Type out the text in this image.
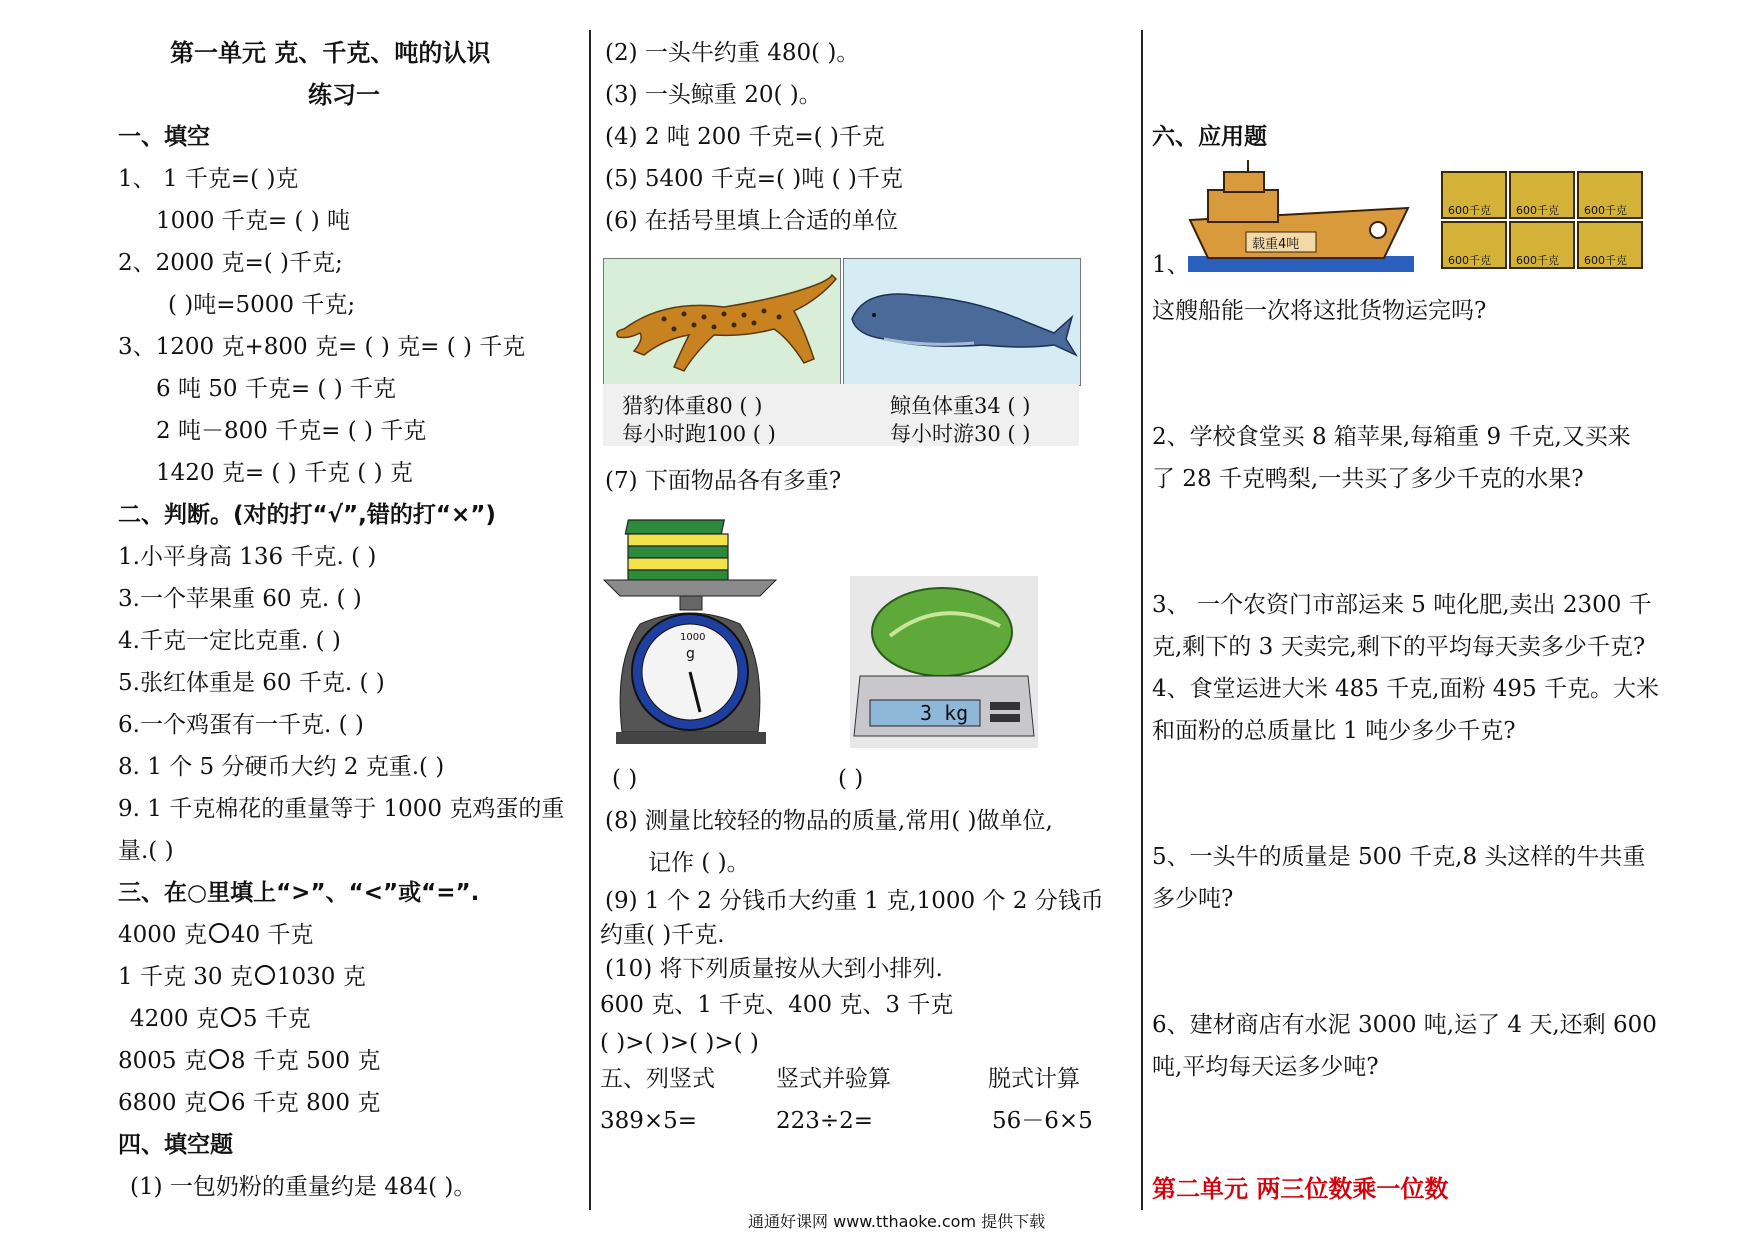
第一单元 克、千克、吨的认识
练习一
一、填空
1、 1 千克=( )克
1000 千克= ( ) 吨
2、2000 克=( )千克;
( )吨=5000 千克;
3、1200 克+800 克= ( ) 克= ( ) 千克
6 吨 50 千克= ( ) 千克
2 吨－800 千克= ( ) 千克
1420 克= ( ) 千克 ( ) 克
二、判断。(对的打“√”,错的打“×”)
1.小平身高 136 千克. ( )
3.一个苹果重 60 克. ( )
4.千克一定比克重. ( )
5.张红体重是 60 千克. ( )
6.一个鸡蛋有一千克. ( )
8. 1 个 5 分硬币大约 2 克重.( )
9. 1 千克棉花的重量等于 1000 克鸡蛋的重
量.( )
三、在○里填上“>”、“<”或“=”.
4000 克 40 千克
1 千克 30 克 1030 克
4200 克 5 千克
8005 克 8 千克 500 克
6800 克 6 千克 800 克
四、填空题
(1) 一包奶粉的重量约是 484( )。
(2) 一头牛约重 480( )。
(3) 一头鲸重 20( )。
(4) 2 吨 200 千克=( )千克
(5) 5400 千克=( )吨 ( )千克
(6) 在括号里填上合适的单位
猎豹体重80 ( )
每小时跑100 ( )
鲸鱼体重34 ( )
每小时游30 ( )
(7) 下面物品各有多重?
1000
g
3 kg
( )	( )
(8) 测量比较轻的物品的质量,常用( )做单位,
记作 ( )。
(9) 1 个 2 分钱币大约重 1 克,1000 个 2 分钱币
约重( )千克.
(10) 将下列质量按从大到小排列.
600 克、1 千克、400 克、3 千克
( )>( )>( )>( )
五、列竖式	竖式并验算	脱式计算
389×5=	223÷2=	56－6×5
六、应用题
载重4吨
600千克 600千克 600千克
600千克 600千克 600千克
1、
这艘船能一次将这批货物运完吗?
2、学校食堂买 8 箱苹果,每箱重 9 千克,又买来
了 28 千克鸭梨,一共买了多少千克的水果?
3、 一个农资门市部运来 5 吨化肥,卖出 2300 千
克,剩下的 3 天卖完,剩下的平均每天卖多少千克?
4、食堂运进大米 485 千克,面粉 495 千克。大米
和面粉的总质量比 1 吨少多少千克?
5、一头牛的质量是 500 千克,8 头这样的牛共重
多少吨?
6、建材商店有水泥 3000 吨,运了 4 天,还剩 600
吨,平均每天运多少吨?
第二单元 两三位数乘一位数
通通好课网 www.tthaoke.com 提供下载
